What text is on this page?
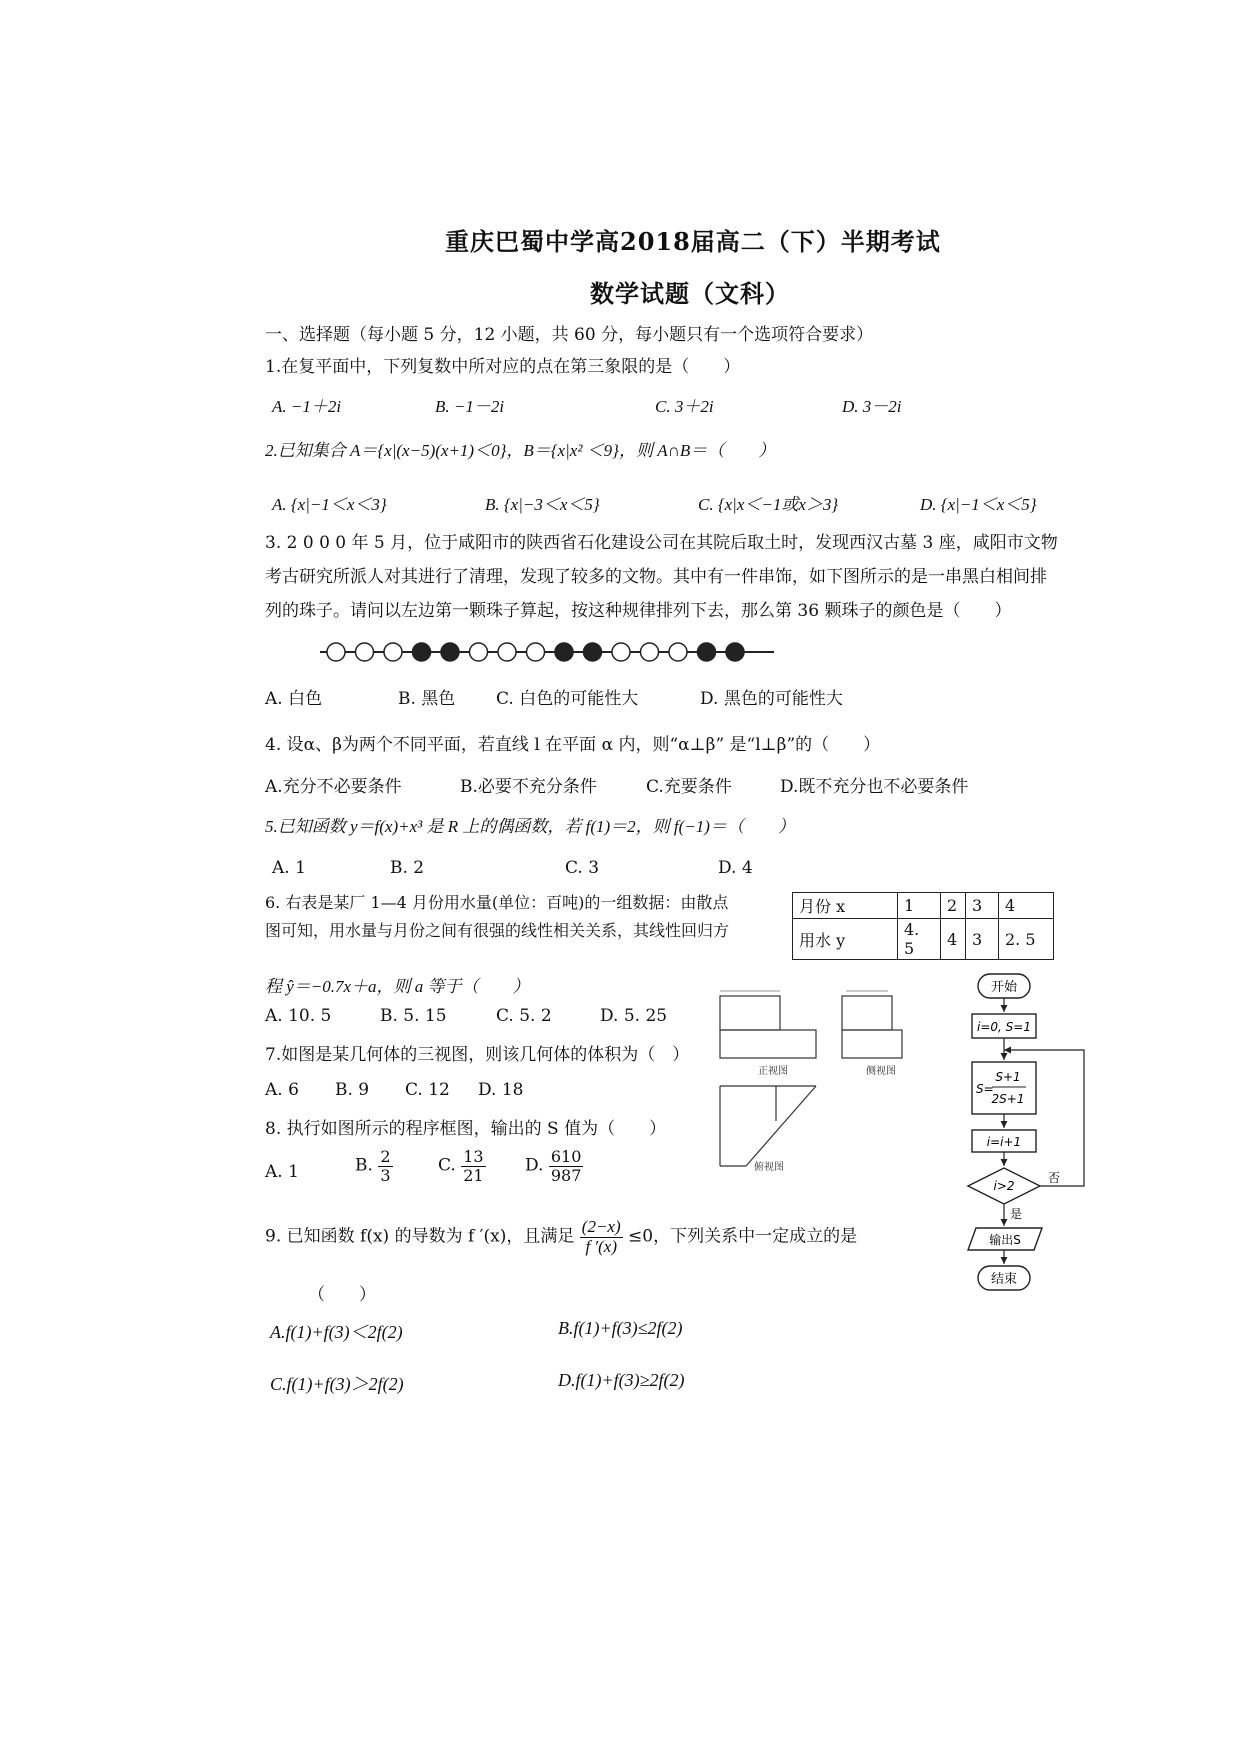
重庆巴蜀中学高2018届高二（下）半期考试
数学试题（文科）
一、选择题（每小题 5 分，12 小题，共 60 分，每小题只有一个选项符合要求）
1.在复平面中，下列复数中所对应的点在第三象限的是（　　）
A. −1＋2i	B. −1－2i	C. 3＋2i	D. 3－2i
2.已知集合 A＝{x|(x−5)(x+1)＜0}，B＝{x|x² ＜9}，则 A∩B＝（　　）
A. {x|−1＜x＜3}	B. {x|−3＜x＜5}	C. {x|x＜−1或x＞3}	D. {x|−1＜x＜5}
3. 2 0 0 0 年 5 月，位于咸阳市的陕西省石化建设公司在其院后取土时，发现西汉古墓 3 座，咸阳市文物
考古研究所派人对其进行了清理，发现了较多的文物。其中有一件串饰，如下图所示的是一串黑白相间排
列的珠子。请问以左边第一颗珠子算起，按这种规律排列下去，那么第 36 颗珠子的颜色是（　　）
A. 白色	B. 黑色 C. 白色的可能性大	D. 黑色的可能性大
4. 设α、β为两个不同平面，若直线 l 在平面 α 内，则“α⊥β” 是“l⊥β”的（　　）
A.充分不必要条件	B.必要不充分条件	C.充要条件	D.既不充分也不必要条件
5.已知函数 y＝f(x)+x³ 是 R 上的偶函数，若 f(1)＝2，则 f(−1)＝（　　）
A. 1	B. 2	C. 3	D. 4
6. 右表是某厂 1—4 月份用水量(单位：百吨)的一组数据：由散点
图可知，用水量与月份之间有很强的线性相关关系，其线性回归方
程 ŷ＝−0.7x＋a，则 a 等于（　　）
月份 x	1	2	3	4
用水 y	4. 5	4	3	2. 5
A. 10. 5	B. 5. 15	C. 5. 2	D. 5. 25
7.如图是某几何体的三视图，则该几何体的体积为（　）
A. 6 B. 9 C. 12 D. 18
正视图	侧视图
俯视图
8. 执行如图所示的程序框图，输出的 S 值为（　　）
A. 1	B. $\frac{2}{3}$	C. $\frac{13}{21} D$. $\frac{610}{987}$
开始
i=0, S=1
S=
S+1
2S+1
i=i+1
i>2
否
是
输出S
结束
9. 已知函数 f(x) 的导数为 f ′(x)，且满足 $\frac{(2-x)}{f '(x)} \le 0$，下列关系中一定成立的是
（　　）
A.f(1)+f(3)＜2f(2)	B.f(1)+f(3)≤2f(2)
C.f(1)+f(3)＞2f(2)	D.f(1)+f(3)≥2f(2)
